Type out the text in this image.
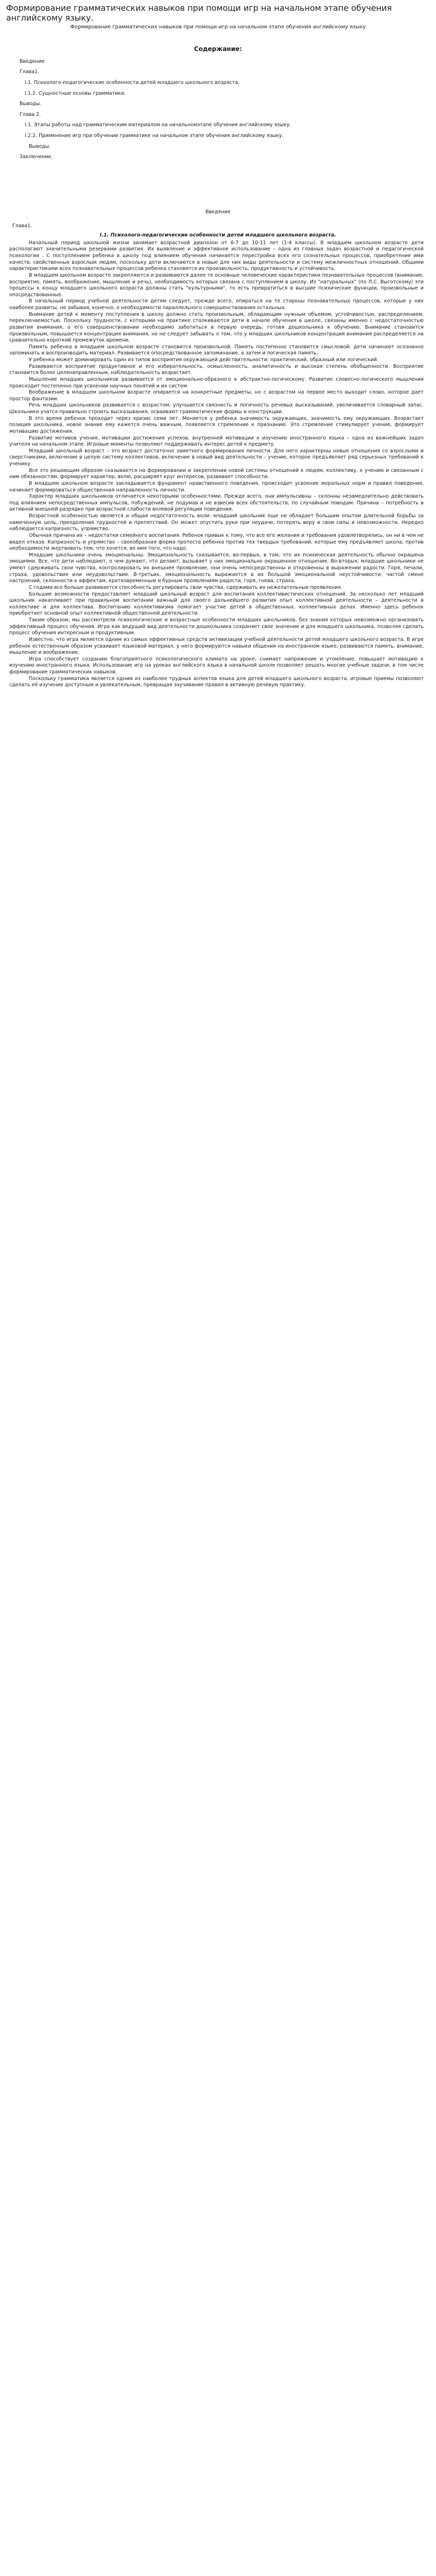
Формирование грамматических навыков при помощи игр на начальном этапе обучения английскому языку.
Формирование грамматических навыков при помощи игр на начальном этапе обучения английскому языку
Содержание:
Введение
Глава1.
I.1. Психолого-педагогические особенности детей младшего школьного возраста.
I.1.2. Сущностные основы грамматики.
Выводы.
Глава 2.
I.1. Этапы работы над грамматическим материалом на начальномэтапе обучения английскому языку.
I.2.2. Применение игр при обучении грамматике на начальном этапе обучения английскому языку.
Выводы.
Заключение.
Введение
Глава1.
I.1. Психолого-педагогические особенности детей младшего школьного возраста.

Начальный период школьной жизни занимает возрастной диапазон от 6-7 до 10-11 лет (1-4 классы). В младшем школьном возрасте дети располагают значительными резервами развития. Их выявление и эффективное использование – одна из главных задач возрастной и педагогической психологии . С поступлением ребенка в школу под влиянием обучения начинается перестройка всех его сознательных процессов, приобретение ими качеств, свойственных взрослым людям, поскольку дети включаются в новые для них виды деятельности и систему межличностных отношений. Общими характеристиками всех познавательных процессов ребенка становятся их произвольность, продуктивность и устойчивость.

В младшем школьном возрасте закрепляются и развиваются далее те основные человеческие характеристики познавательных процессов (внимание, восприятие, память, воображение, мышление и речь), необходимость которых связана с поступлением в школу. Из "натуральных" (по Л.С. Выготскому) эти процессы к концу младшего школьного возраста должны стать "культурными", то есть превратиться в высшие психические функции, произвольные и опосредствованные.

В начальный период учебной деятельности детям следует, прежде всего, опираться на те стороны познавательных процессов, которые у них наиболее развиты, не забывая, конечно, о необходимости параллельного совершенствования остальных.

Внимание детей к моменту поступления в школу должно стать произвольным, обладающим нужным объемом, устойчивостью, распределением, переключаемостью. Поскольку трудности, с которыми на практике сталкиваются дети в начале обучения в школе, связаны именно с недостаточностью развития внимания, о его совершенствовании необходимо заботиться в первую очередь, готовя дошкольника к обучению. Внимание становится произвольным, повышается концентрация внимания, но не следует забывать о том, что у младших школьников концентрация внимания распределяется на сравнительно короткий промежуток времени.

Память ребенка в младшем школьном возрасте становится произвольной. Память постепенно становится смысловой: дети начинают осознанно запоминать и воспроизводить материал. Развивается опосредствованное запоминание, а затем и логическая память.

У ребенка может доминировать один из типов восприятия окружающей действительности: практический, образный или логический.

Развиваются восприятие продуктивное и его избирательность, осмысленность, аналитичность и высокая степень обобщенности. Восприятие становится более целенаправленным, наблюдательность возрастает.

Мышление младших школьников развивается от эмоционально-образного к абстрактно-логическому. Развитие словесно-логического мышления происходит постепенно при усвоении научных понятий и их систем.

Воображение в младшем школьном возрасте опирается на конкретные предметы, но с возрастом на первое место выходит слово, которое дает простор фантазии.

Речь младших школьников развивается с возрастом, улучшается связность и логичность речевых высказываний, увеличивается словарный запас. Школьники учатся правильно строить высказывания, осваивают грамматические формы и конструкции.

В это время ребенок проходит через кризис семи лет. Меняется у ребенка значимость окружающих, значимость ему окружающих. Возрастает позиция школьника, новое знание ему кажется очень важным, появляется стремление к признанию. Это стремление стимулирует учение, формирует мотивацию достижения.

Развитие мотивов учения, мотивации достижения успехов, внутренней мотивации к изучению иностранного языка – одна из важнейших задач учителя на начальном этапе. Игровые моменты позволяют поддерживать интерес детей к предмету.

Младший школьный возраст – это возраст достаточно заметного формирования личности. Для него характерны новые отношения со взрослыми и сверстниками, включение в целую систему коллективов, включение в новый вид деятельности – учение, которое предъявляет ряд серьезных требований к ученику.

Все это решающим образом сказывается на формировании и закреплении новой системы отношений к людям, коллективу, к учению и связанным с ним обязанностям, формирует характер, волю, расширяет круг интересов, развивает способности.

В младшем школьном возрасте закладывается фундамент нравственного поведения, происходит усвоение моральных норм и правил поведения, начинает формироваться общественная направленность личности.

Характер младших школьников отличается некоторыми особенностями. Прежде всего, они импульсивны – склонны незамедлительно действовать под влиянием непосредственных импульсов, побуждений, не подумав и не взвесив всех обстоятельств, по случайным поводам. Причина – потребность в активной внешней разрядке при возрастной слабости волевой регуляции поведения.

Возрастной особенностью является и общая недостаточность воли: младший школьник еще не обладает большим опытом длительной борьбы за намеченную цель, преодоления трудностей и препятствий. Он может опустить руки при неудаче, потерять веру в свои силы и невозможности. Нередко наблюдается капризность, упрямство.

Обычная причина их – недостатки семейного воспитания. Ребенок привык к тому, что все его желания и требования удовлетворялись, он ни в чем не видел отказа. Капризность и упрямство – своеобразная форма протеста ребенка против тех твердых требований, которые ему предъявляет школа, против необходимости жертвовать тем, что хочется, во имя того, что надо.

Младшие школьники очень эмоциональны. Эмоциональность сказывается, во-первых, в том, что их психическая деятельность обычно окрашена эмоциями. Все, что дети наблюдают, о чем думают, что делают, вызывает у них эмоционально окрашенное отношение. Во-вторых, младшие школьники не умеют сдерживать свои чувства, контролировать их внешнее проявление, они очень непосредственны и откровенны в выражении радости. Горя, печали, страха, удовольствия или неудовольствия. В-третьих, эмоциональность выражается в их большой эмоциональной неустойчивости, частой смене настроений, склонности к аффектам, кратковременным и бурным проявлениям радости, горя, гнева, страха.

С годами все больше развивается способность регулировать свои чувства, сдерживать их нежелательные проявления.

Большие возможности предоставляет младший школьный возраст для воспитания коллективистических отношений. За несколько лет младший школьник накапливает при правильном воспитании важный для своего дальнейшего развития опыт коллективной деятельности – деятельности в коллективе и для коллектива. Воспитанию коллективизма помогает участие детей в общественных, коллективных делах. Именно здесь ребенок приобретает основной опыт коллективной общественной деятельности.

Таким образом, мы рассмотрели психологические и возрастные особенности младших школьников, без знания которых невозможно организовать эффективный процесс обучения. Игра как ведущий вид деятельности дошкольника сохраняет свое значение и для младшего школьника, позволяя сделать процесс обучения интересным и продуктивным.

Известно, что игра является одним из самых эффективных средств активизации учебной деятельности детей младшего школьного возраста. В игре ребенок естественным образом усваивает языковой материал, у него формируются навыки общения на иностранном языке, развиваются память, внимание, мышление и воображение.

Игра способствует созданию благоприятного психологического климата на уроке, снимает напряжение и утомление, повышает мотивацию к изучению иностранного языка. Использование игр на уроках английского языка в начальной школе позволяет решать многие учебные задачи, в том числе формирование грамматических навыков.

Поскольку грамматика является одним из наиболее трудных аспектов языка для детей младшего школьного возраста, игровые приемы позволяют сделать её изучение доступным и увлекательным, превращая заучивание правил в активную речевую практику.
